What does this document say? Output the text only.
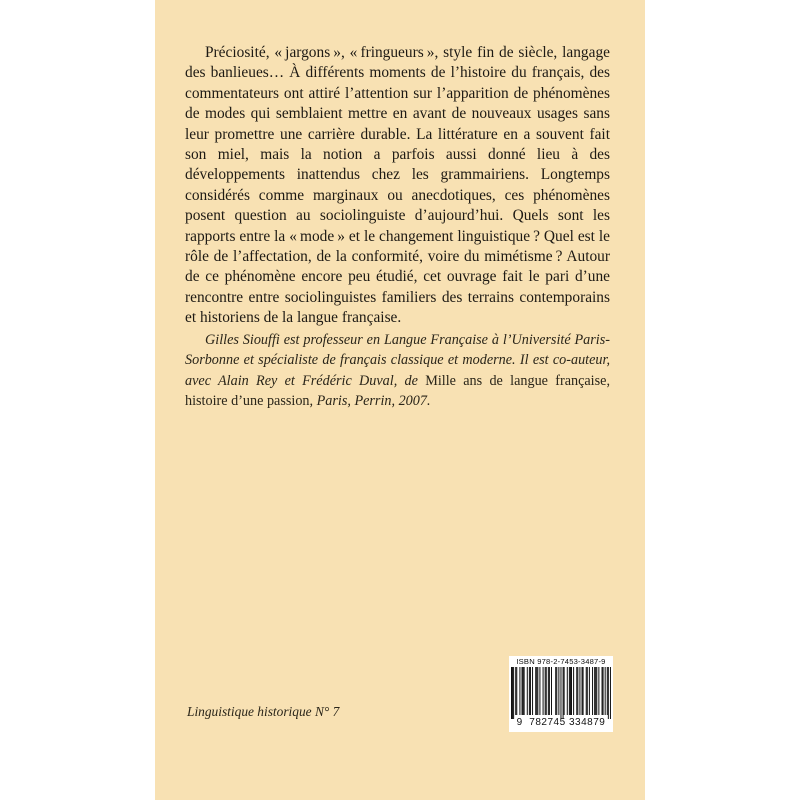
Préciosité, « jargons », « fringueurs », style fin de siècle, langage des banlieues… À différents moments de l’histoire du français, des commentateurs ont attiré l’attention sur l’apparition de phénomènes de modes qui semblaient mettre en avant de nouveaux usages sans leur promettre une carrière durable. La littérature en a souvent fait son miel, mais la notion a parfois aussi donné lieu à des développements inattendus chez les grammairiens. Longtemps considérés comme marginaux ou anecdotiques, ces phénomènes posent question au sociolinguiste d’aujourd’hui. Quels sont les rapports entre la « mode » et le changement linguistique ? Quel est le rôle de l’affectation, de la conformité, voire du mimétisme ? Autour de ce phénomène encore peu étudié, cet ouvrage fait le pari d’une rencontre entre sociolinguistes familiers des terrains contemporains et historiens de la langue française.

Gilles Siouffi est professeur en Langue Française à l’Université Paris-Sorbonne et spécialiste de français classique et moderne. Il est co-auteur, avec Alain Rey et Frédéric Duval, de Mille ans de langue française, histoire d’une passion, Paris, Perrin, 2007.

Linguistique historique N° 7
ISBN 978-2-7453-3487-9
9 782745 334879
